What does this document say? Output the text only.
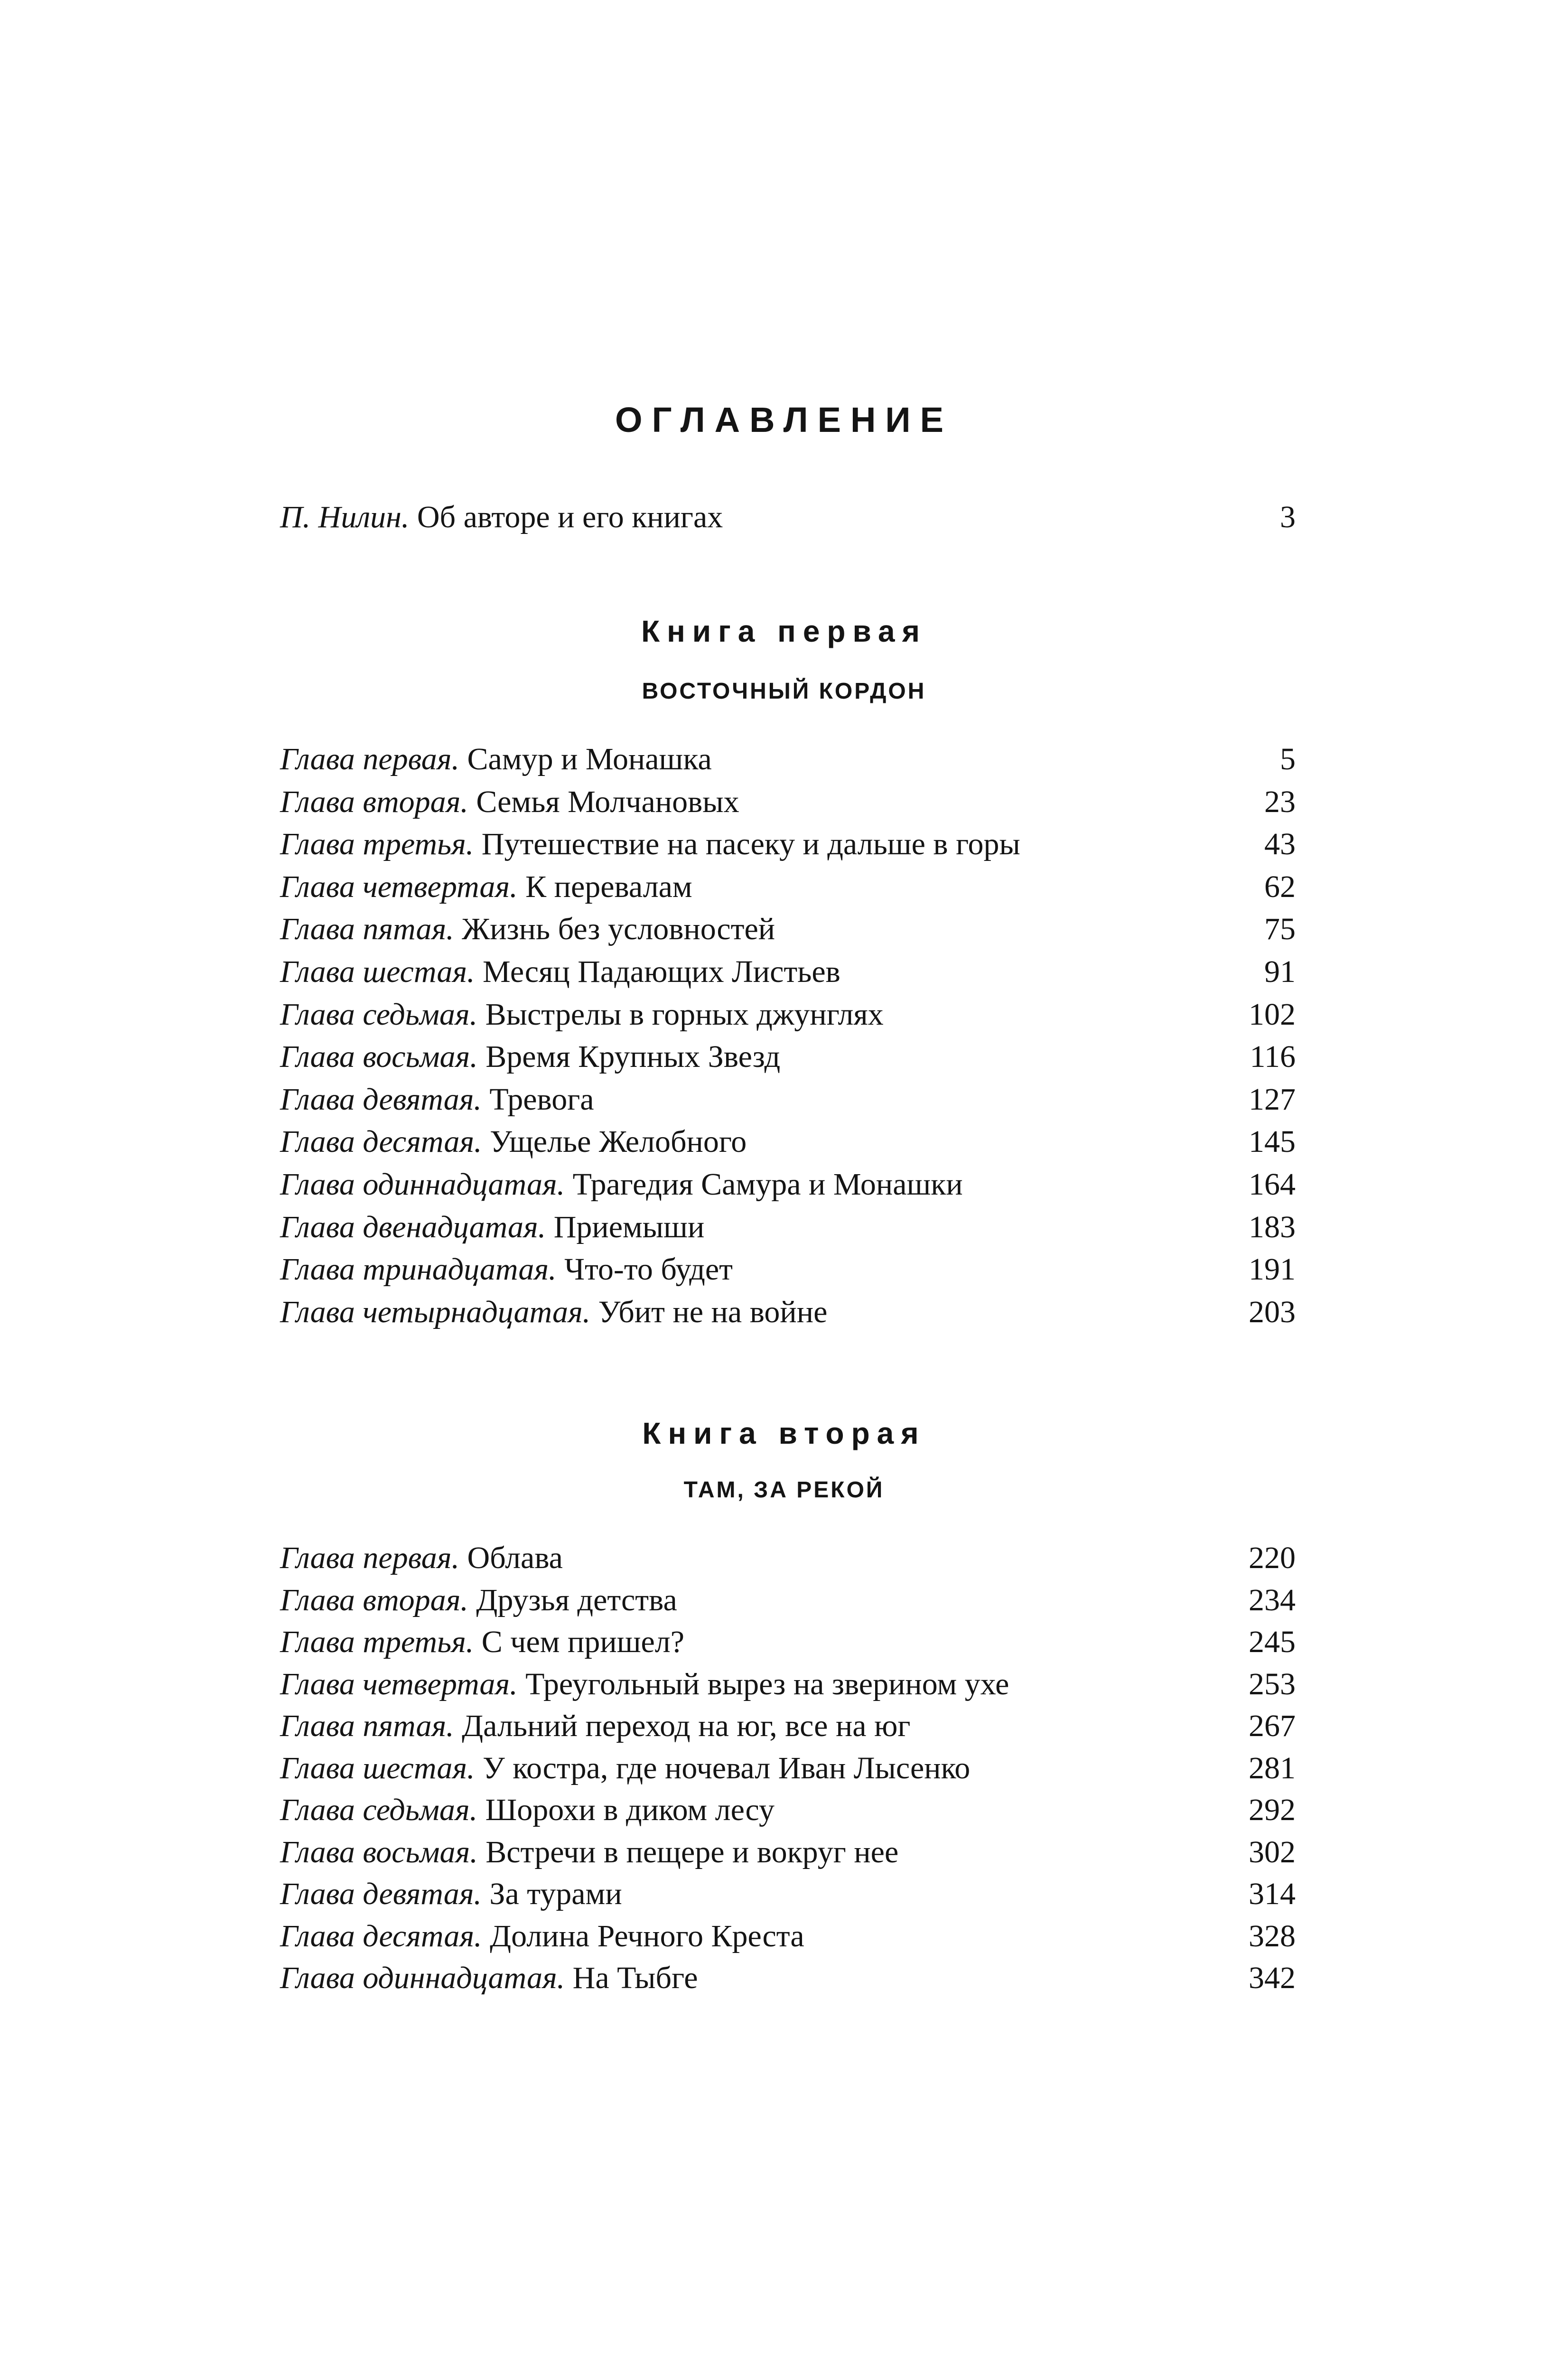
ОГЛАВЛЕНИЕ
П. Нилин. Об авторе и его книгах	3
Книга первая
ВОСТОЧНЫЙ КОРДОН
Глава первая. Самур и Монашка	5
Глава вторая. Семья Молчановых	23
Глава третья. Путешествие на пасеку и дальше в горы	43
Глава четвертая. К перевалам	62
Глава пятая. Жизнь без условностей	75
Глава шестая. Месяц Падающих Листьев	91
Глава седьмая. Выстрелы в горных джунглях	102
Глава восьмая. Время Крупных Звезд	116
Глава девятая. Тревога	127
Глава десятая. Ущелье Желобного	145
Глава одиннадцатая. Трагедия Самура и Монашки	164
Глава двенадцатая. Приемыши	183
Глава тринадцатая. Что-то будет	191
Глава четырнадцатая. Убит не на войне	203
Книга вторая
ТАМ, ЗА РЕКОЙ
Глава первая. Облава	220
Глава вторая. Друзья детства	234
Глава третья. С чем пришел?	245
Глава четвертая. Треугольный вырез на зверином ухе	253
Глава пятая. Дальний переход на юг, все на юг	267
Глава шестая. У костра, где ночевал Иван Лысенко	281
Глава седьмая. Шорохи в диком лесу	292
Глава восьмая. Встречи в пещере и вокруг нее	302
Глава девятая. За турами	314
Глава десятая. Долина Речного Креста	328
Глава одиннадцатая. На Тыбге	342
